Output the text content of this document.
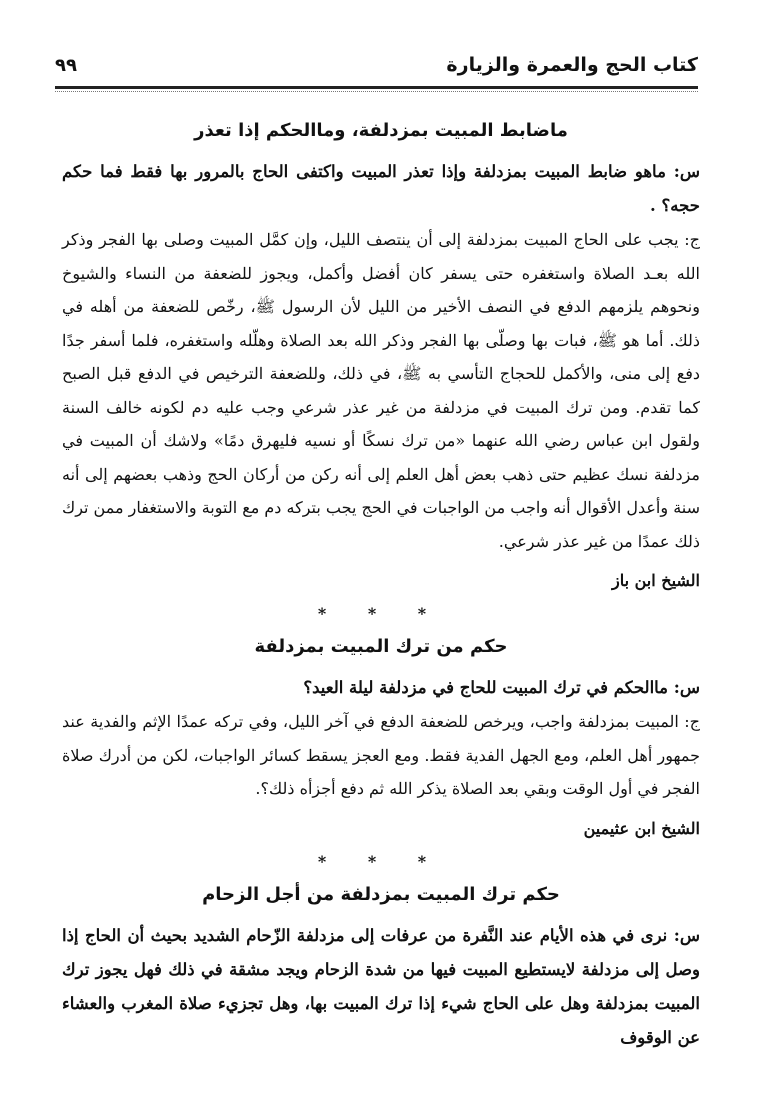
كتاب الحج والعمرة والزيارة
٩٩
ماضابط المبيت بمزدلفة، وماالحكم إذا تعذر

س: ماهو ضابط المبيت بمزدلفة وإذا تعذر المبيت واكتفى الحاج بالمرور بها فقط فما حكم حجه؟ .

ج: يجب على الحاج المبيت بمزدلفة إلى أن ينتصف الليل، وإن كمَّل المبيت وصلى بها الفجر وذكر الله بعـد الصلاة واستغفره حتى يسفر كان أفضل وأكمل، ويجوز للضعفة من النساء والشيوخ ونحوهم يلزمهم الدفع في النصف الأخير من الليل لأن الرسول ﷺ، رخّص للضعفة من أهله في ذلك. أما هو ﷺ، فبات بها وصلّى بها الفجر وذكر الله بعد الصلاة وهلّله واستغفره، فلما أسفر جدًا دفع إلى منى، والأكمل للحجاج التأسي به ﷺ، في ذلك، وللضعفة الترخيص في الدفع قبل الصبح كما تقدم. ومن ترك المبيت في مزدلفة من غير عذر شرعي وجب عليه دم لكونه خالف السنة ولقول ابن عباس رضي الله عنهما «من ترك نسكًا أو نسيه فليهرق دمًا» ولاشك أن المبيت في مزدلفة نسك عظيم حتى ذهب بعض أهل العلم إلى أنه ركن من أركان الحج وذهب بعضهم إلى أنه سنة وأعدل الأقوال أنه واجب من الواجبات في الحج يجب بتركه دم مع التوبة والاستغفار ممن ترك ذلك عمدًا من غير عذر شرعي.

الشيخ ابن باز
* * *
حكم من ترك المبيت بمزدلفة

س: ماالحكم في ترك المبيت للحاج في مزدلفة ليلة العيد؟

ج: المبيت بمزدلفة واجب، ويرخص للضعفة الدفع في آخر الليل، وفي تركه عمدًا الإثم والفدية عند جمهور أهل العلم، ومع الجهل الفدية فقط. ومع العجز يسقط كسائر الواجبات، لكن من أدرك صلاة الفجر في أول الوقت وبقي بعد الصلاة يذكر الله ثم دفع أجزأه ذلك؟.

الشيخ ابن عثيمين
* * *
حكم ترك المبيت بمزدلفة من أجل الزحام

س: نرى في هذه الأيام عند النَّفرة من عرفات إلى مزدلفة الزّحام الشديد بحيث أن الحاج إذا وصل إلى مزدلفة لايستطيع المبيت فيها من شدة الزحام ويجد مشقة في ذلك فهل يجوز ترك المبيت بمزدلفة وهل على الحاج شيء إذا ترك المبيت بها، وهل تجزيء صلاة المغرب والعشاء عن الوقوف
